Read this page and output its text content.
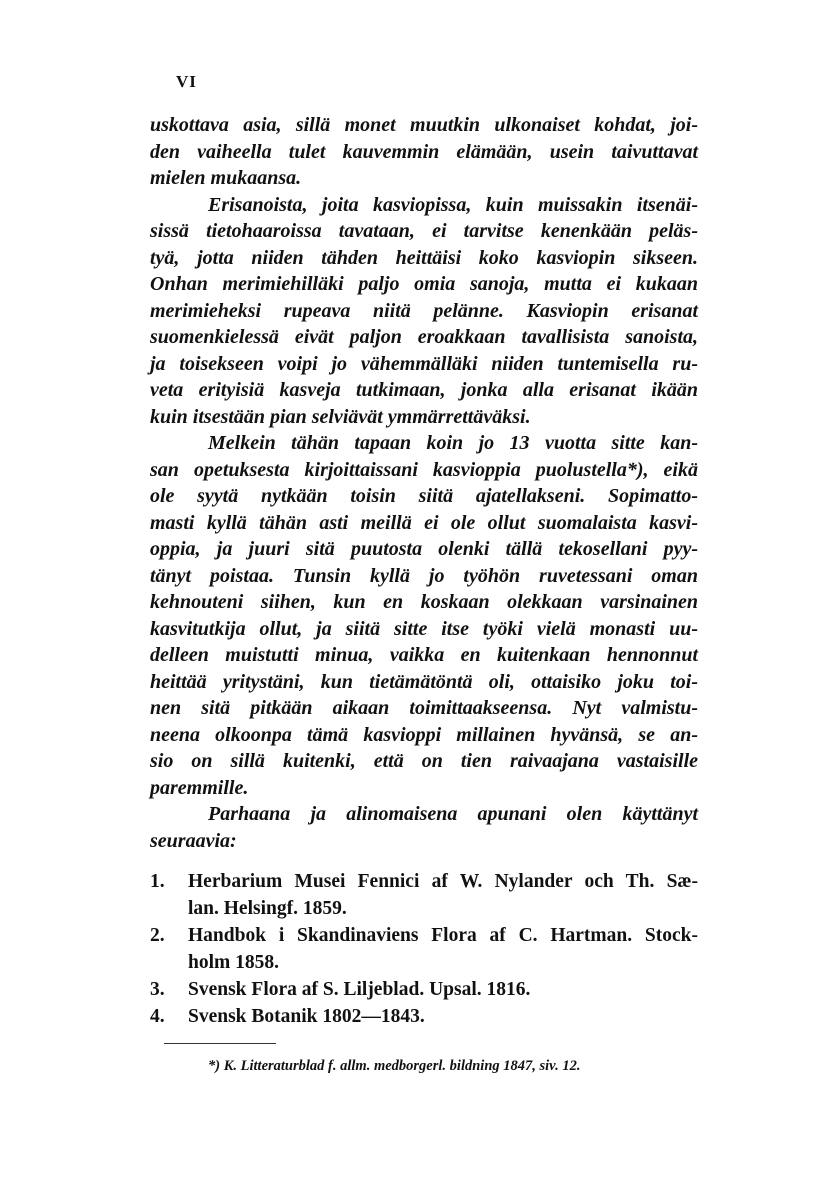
VI
uskottava asia, sillä monet muutkin ulkonaiset kohdat, joi-
den vaiheella tulet kauvemmin elämään, usein taivuttavat
mielen mukaansa.
Erisanoista, joita kasviopissa, kuin muissakin itsenäi-
sissä tietohaaroissa tavataan, ei tarvitse kenenkään peläs-
tyä, jotta niiden tähden heittäisi koko kasviopin sikseen.
Onhan merimiehilläki paljo omia sanoja, mutta ei kukaan
merimieheksi rupeava niitä pelänne. Kasviopin erisanat
suomenkielessä eivät paljon eroakkaan tavallisista sanoista,
ja toisekseen voipi jo vähemmälläki niiden tuntemisella ru-
veta erityisiä kasveja tutkimaan, jonka alla erisanat ikään
kuin itsestään pian selviävät ymmärrettäväksi.
Melkein tähän tapaan koin jo 13 vuotta sitte kan-
san opetuksesta kirjoittaissani kasvioppia puolustella*), eikä
ole syytä nytkään toisin siitä ajatellakseni. Sopimatto-
masti kyllä tähän asti meillä ei ole ollut suomalaista kasvi-
oppia, ja juuri sitä puutosta olenki tällä tekosellani pyy-
tänyt poistaa. Tunsin kyllä jo työhön ruvetessani oman
kehnouteni siihen, kun en koskaan olekkaan varsinainen
kasvitutkija ollut, ja siitä sitte itse työki vielä monasti uu-
delleen muistutti minua, vaikka en kuitenkaan hennonnut
heittää yritystäni, kun tietämätöntä oli, ottaisiko joku toi-
nen sitä pitkään aikaan toimittaakseensa. Nyt valmistu-
neena olkoonpa tämä kasvioppi millainen hyvänsä, se an-
sio on sillä kuitenki, että on tien raivaajana vastaisille
paremmille.
Parhaana ja alinomaisena apunani olen käyttänyt
seuraavia:
1.	Herbarium Musei Fennici af W. Nylander och Th. Sæ-
lan. Helsingf. 1859.
2.	Handbok i Skandinaviens Flora af C. Hartman. Stock-
holm 1858.
3.	Svensk Flora af S. Liljeblad. Upsal. 1816.
4.	Svensk Botanik 1802—1843.
*) K. Litteraturblad f. allm. medborgerl. bildning 1847, siv. 12.
